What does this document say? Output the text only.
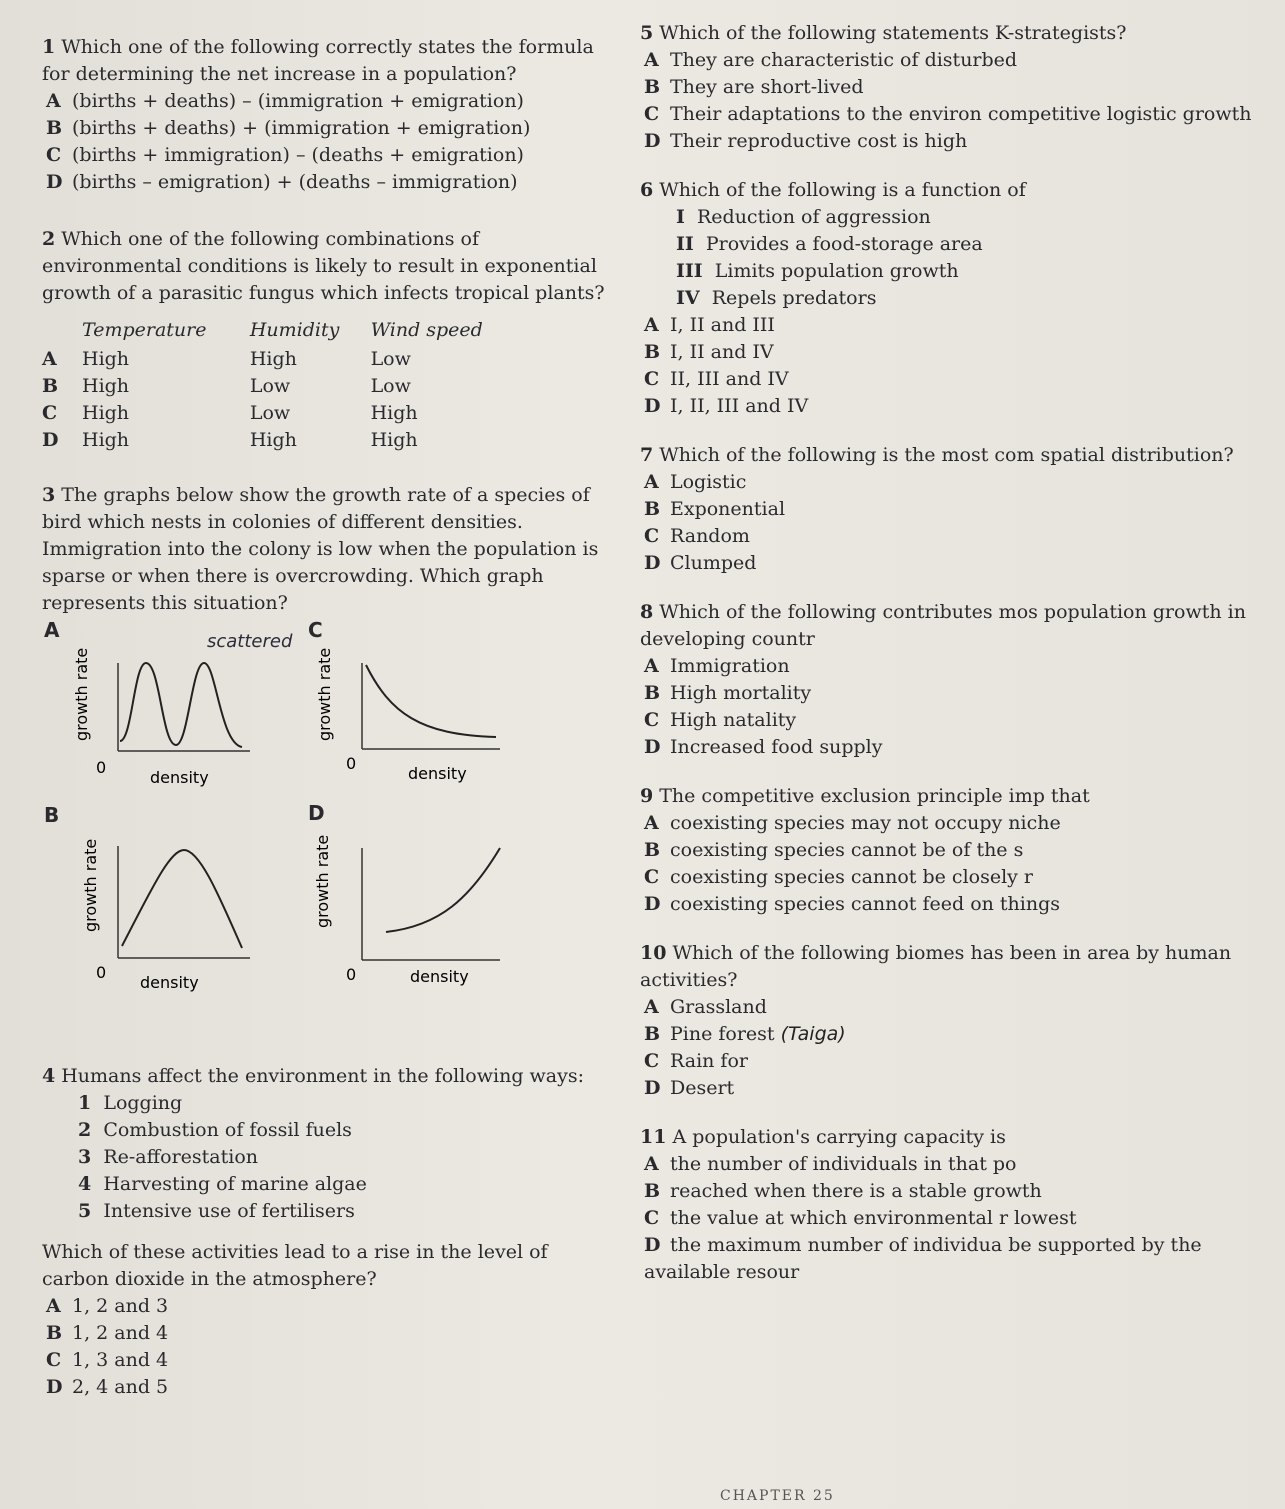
1 Which one of the following correctly states the formula for determining the net increase in a population?
A (births + deaths) – (immigration + emigration)
B (births + deaths) + (immigration + emigration)
C (births + immigration) – (deaths + emigration)
D (births – emigration) + (deaths – immigration)
2 Which one of the following combinations of environmental conditions is likely to result in exponential growth of a parasitic fungus which infects tropical plants?
	Temperature	Humidity	Wind speed
A	High	High	Low
B	High	Low	Low
C	High	Low	High
D	High	High	High
3 The graphs below show the growth rate of a species of bird which nests in colonies of different densities. Immigration into the colony is low when the population is sparse or when there is overcrowding. Which graph represents this situation?
scattered
A
growth rate
0
density
C
growth rate
0
density
B
growth rate
0
density
D
growth rate
0	density
4 Humans affect the environment in the following ways:
1 Logging
2 Combustion of fossil fuels
3 Re-afforestation
4 Harvesting of marine algae
5 Intensive use of fertilisers
Which of these activities lead to a rise in the level of carbon dioxide in the atmosphere?
A 1, 2 and 3
B 1, 2 and 4
C 1, 3 and 4
D 2, 4 and 5
5 Which of the following statements K-strategists?
A They are characteristic of disturbed
B They are short-lived
C Their adaptations to the environ competitive logistic growth
D Their reproductive cost is high
6 Which of the following is a function of
I Reduction of aggression
II Provides a food-storage area
III Limits population growth
IV Repels predators
A I, II and III
B I, II and IV
C II, III and IV
D I, II, III and IV
7 Which of the following is the most com spatial distribution?
A Logistic
B Exponential
C Random
D Clumped
8 Which of the following contributes mos population growth in developing countr
A Immigration
B High mortality
C High natality
D Increased food supply
9 The competitive exclusion principle imp that
A coexisting species may not occupy niche
B coexisting species cannot be of the s
C coexisting species cannot be closely r
D coexisting species cannot feed on things
10 Which of the following biomes has been in area by human activities?
A Grassland
B Pine forest (Taiga)
C Rain for
D Desert
11 A population's carrying capacity is
A the number of individuals in that po
B reached when there is a stable growth
C the value at which environmental r lowest
D the maximum number of individua be supported by the available resour
CHAPTER 25
